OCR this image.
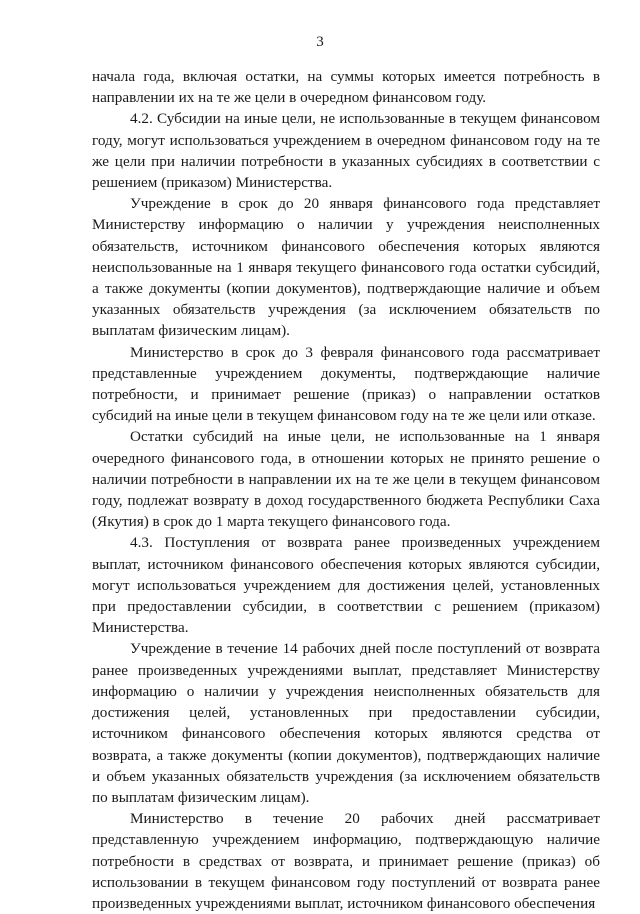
3

начала года, включая остатки, на суммы которых имеется потребность в направлении их на те же цели в очередном финансовом году.

4.2. Субсидии на иные цели, не использованные в текущем финансовом году, могут использоваться учреждением в очередном финансовом году на те же цели при наличии потребности в указанных субсидиях в соответствии с решением (приказом) Министерства.

Учреждение в срок до 20 января финансового года представляет Министерству информацию о наличии у учреждения неисполненных обязательств, источником финансового обеспечения которых являются неиспользованные на 1 января текущего финансового года остатки субсидий, а также документы (копии документов), подтверждающие наличие и объем указанных обязательств учреждения (за исключением обязательств по выплатам физическим лицам).

Министерство в срок до 3 февраля финансового года рассматривает представленные учреждением документы, подтверждающие наличие потребности, и принимает решение (приказ) о направлении остатков субсидий на иные цели в текущем финансовом году на те же цели или отказе.

Остатки субсидий на иные цели, не использованные на 1 января очередного финансового года, в отношении которых не принято решение о наличии потребности в направлении их на те же цели в текущем финансовом году, подлежат возврату в доход государственного бюджета Республики Саха (Якутия) в срок до 1 марта текущего финансового года.

4.3. Поступления от возврата ранее произведенных учреждением выплат, источником финансового обеспечения которых являются субсидии, могут использоваться учреждением для достижения целей, установленных при предоставлении субсидии, в соответствии с решением (приказом) Министерства.

Учреждение в течение 14 рабочих дней после поступлений от возврата ранее произведенных учреждениями выплат, представляет Министерству информацию о наличии у учреждения неисполненных обязательств для достижения целей, установленных при предоставлении субсидии, источником финансового обеспечения которых являются средства от возврата, а также документы (копии документов), подтверждающих наличие и объем указанных обязательств учреждения (за исключением обязательств по выплатам физическим лицам).

Министерство в течение 20 рабочих дней рассматривает представленную учреждением информацию, подтверждающую наличие потребности в средствах от возврата, и принимает решение (приказ) об использовании в текущем финансовом году поступлений от возврата ранее произведенных учреждениями выплат, источником финансового обеспечения
